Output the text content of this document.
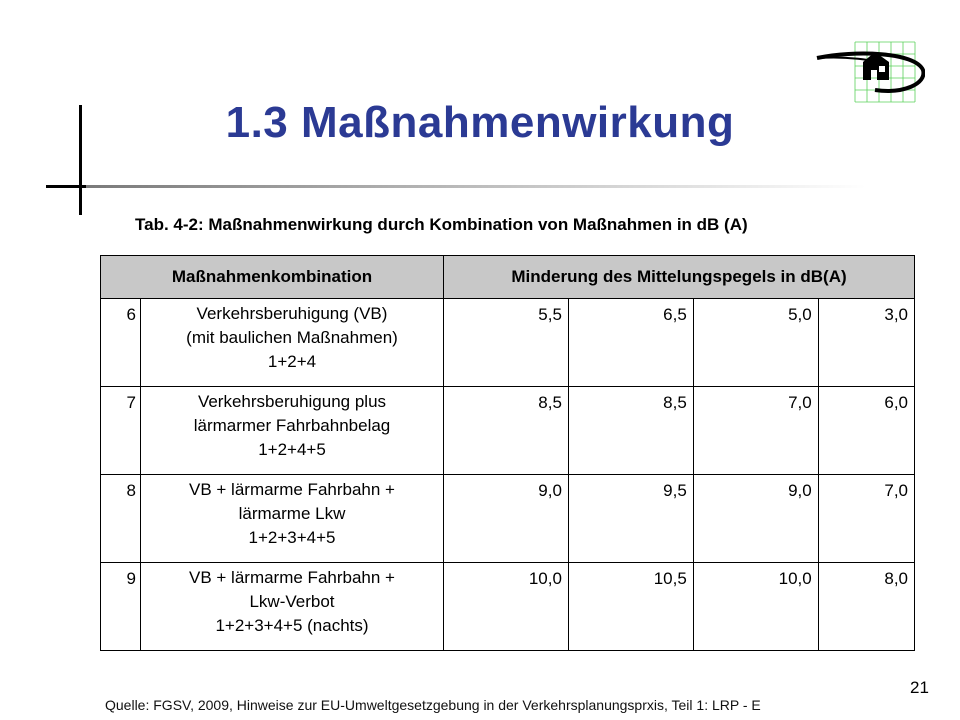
1.3 Maßnahmenwirkung
Tab. 4-2: Maßnahmenwirkung durch Kombination von Maßnahmen in dB (A)
Maßnahmenkombination		Minderung des Mittelungspegels in dB(A)			
6	Verkehrsberuhigung (VB)
(mit baulichen Maßnahmen)
1+2+4	5,5	6,5	5,0	3,0
7	Verkehrsberuhigung plus
lärmarmer Fahrbahnbelag
1+2+4+5	8,5	8,5	7,0	6,0
8	VB + lärmarme Fahrbahn +
lärmarme Lkw
1+2+3+4+5	9,0	9,5	9,0	7,0
9	VB + lärmarme Fahrbahn +
Lkw-Verbot
1+2+3+4+5 (nachts)	10,0	10,5	10,0	8,0
21
Quelle: FGSV, 2009, Hinweise zur EU-Umweltgesetzgebung in der Verkehrsplanungsprxis, Teil 1: LRP - E
